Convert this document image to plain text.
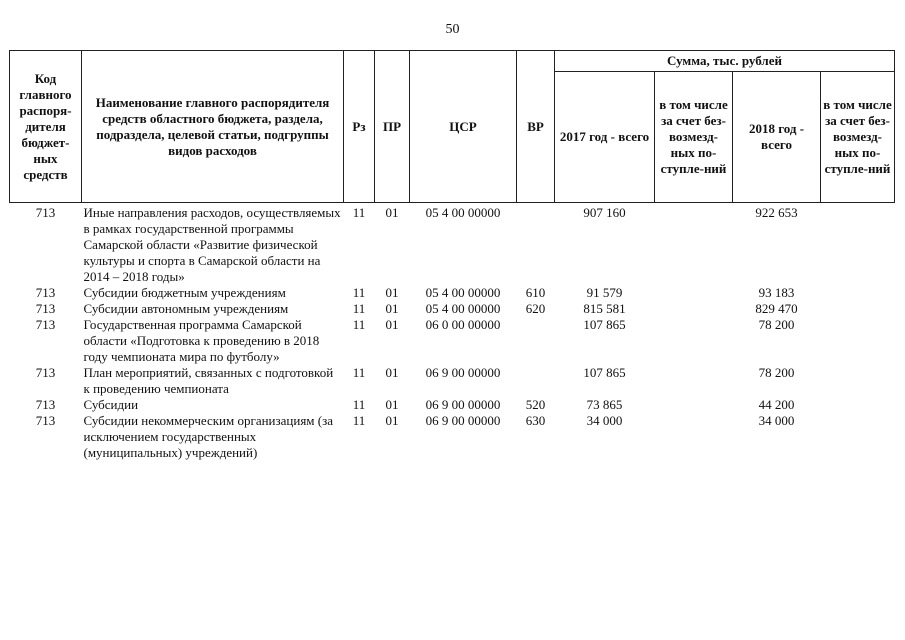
50
Код главного распоря-дителя бюджет-ных средств	Наименование главного распорядителя средств областного бюджета, раздела, подраздела, целевой статьи, подгруппы видов расходов	Рз	ПР	ЦСР	ВР	Сумма, тыс. рублей			
						2017 год - всего	в том числе за счет без-возмезд-ных по-ступле-ний	2018 год - всего	в том числе за счет без-возмезд-ных по-ступле-ний
713	Иные направления расходов, осуществляемых в рамках государственной программы Самарской области «Развитие физической культуры и спорта в Самарской области на 2014 – 2018 годы»	11	01	05 4 00 00000		907 160		922 653	
713	Субсидии бюджетным учреждениям	11	01	05 4 00 00000	610	91 579		93 183	
713	Субсидии автономным учреждениям	11	01	05 4 00 00000	620	815 581		829 470	
713	Государственная программа Самарской области «Подготовка к проведению в 2018 году чемпионата мира по футболу»	11	01	06 0 00 00000		107 865		78 200	
713	План мероприятий, связанных с подготовкой к проведению чемпионата	11	01	06 9 00 00000		107 865		78 200	
713	Субсидии	11	01	06 9 00 00000	520	73 865		44 200	
713	Субсидии некоммерческим организациям (за исключением государственных (муниципальных) учреждений)	11	01	06 9 00 00000	630	34 000		34 000	
